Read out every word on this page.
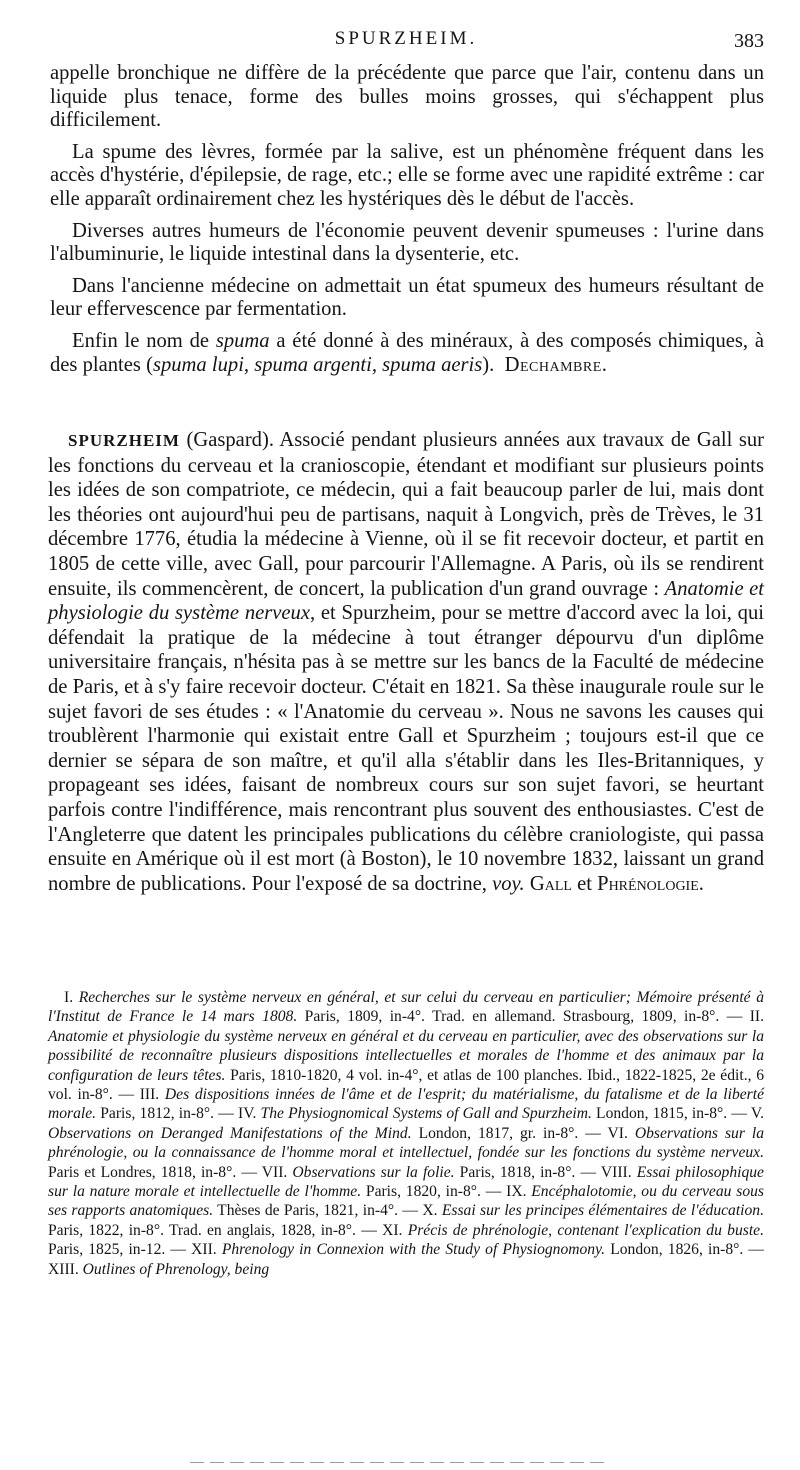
SPURZHEIM.	383

appelle bronchique ne diffère de la précédente que parce que l'air, contenu dans un liquide plus tenace, forme des bulles moins grosses, qui s'échappent plus difficilement.

La spume des lèvres, formée par la salive, est un phénomène fréquent dans les accès d'hystérie, d'épilepsie, de rage, etc.; elle se forme avec une rapidité extrême : car elle apparaît ordinairement chez les hystériques dès le début de l'accès.

Diverses autres humeurs de l'économie peuvent devenir spumeuses : l'urine dans l'albuminurie, le liquide intestinal dans la dysenterie, etc.

Dans l'ancienne médecine on admettait un état spumeux des humeurs résultant de leur effervescence par fermentation.

Enfin le nom de spuma a été donné à des minéraux, à des composés chimiques, à des plantes (spuma lupi, spuma argenti, spuma aeris). Dechambre.

SPURZHEIM (Gaspard). Associé pendant plusieurs années aux travaux de Gall sur les fonctions du cerveau et la cranioscopie, étendant et modifiant sur plusieurs points les idées de son compatriote, ce médecin, qui a fait beaucoup parler de lui, mais dont les théories ont aujourd'hui peu de partisans, naquit à Longvich, près de Trèves, le 31 décembre 1776, étudia la médecine à Vienne, où il se fit recevoir docteur, et partit en 1805 de cette ville, avec Gall, pour parcourir l'Allemagne. A Paris, où ils se rendirent ensuite, ils commencèrent, de concert, la publication d'un grand ouvrage : Anatomie et physiologie du système nerveux, et Spurzheim, pour se mettre d'accord avec la loi, qui défendait la pratique de la médecine à tout étranger dépourvu d'un diplôme universitaire français, n'hésita pas à se mettre sur les bancs de la Faculté de médecine de Paris, et à s'y faire recevoir docteur. C'était en 1821. Sa thèse inaugurale roule sur le sujet favori de ses études : « l'Anatomie du cerveau ». Nous ne savons les causes qui troublèrent l'harmonie qui existait entre Gall et Spurzheim ; toujours est-il que ce dernier se sépara de son maître, et qu'il alla s'établir dans les Iles-Britanniques, y propageant ses idées, faisant de nombreux cours sur son sujet favori, se heurtant parfois contre l'indifférence, mais rencontrant plus souvent des enthousiastes. C'est de l'Angleterre que datent les principales publications du célèbre craniologiste, qui passa ensuite en Amérique où il est mort (à Boston), le 10 novembre 1832, laissant un grand nombre de publications. Pour l'exposé de sa doctrine, voy. Gall et Phrénologie.

I. Recherches sur le système nerveux en général, et sur celui du cerveau en particulier; Mémoire présenté à l'Institut de France le 14 mars 1808. Paris, 1809, in-4°. Trad. en allemand. Strasbourg, 1809, in-8°. — II. Anatomie et physiologie du système nerveux en général et du cerveau en particulier, avec des observations sur la possibilité de reconnaître plusieurs dispositions intellectuelles et morales de l'homme et des animaux par la configuration de leurs têtes. Paris, 1810-1820, 4 vol. in-4°, et atlas de 100 planches. Ibid., 1822-1825, 2e édit., 6 vol. in-8°. — III. Des dispositions innées de l'âme et de l'esprit; du matérialisme, du fatalisme et de la liberté morale. Paris, 1812, in-8°. — IV. The Physiognomical Systems of Gall and Spurzheim. London, 1815, in-8°. — V. Observations on Deranged Manifestations of the Mind. London, 1817, gr. in-8°. — VI. Observations sur la phrénologie, ou la connaissance de l'homme moral et intellectuel, fondée sur les fonctions du système nerveux. Paris et Londres, 1818, in-8°. — VII. Observations sur la folie. Paris, 1818, in-8°. — VIII. Essai philosophique sur la nature morale et intellectuelle de l'homme. Paris, 1820, in-8°. — IX. Encéphalotomie, ou du cerveau sous ses rapports anatomiques. Thèses de Paris, 1821, in-4°. — X. Essai sur les principes élémentaires de l'éducation. Paris, 1822, in-8°. Trad. en anglais, 1828, in-8°. — XI. Précis de phrénologie, contenant l'explication du buste. Paris, 1825, in-12. — XII. Phrenology in Connexion with the Study of Physiognomony. London, 1826, in-8°. — XIII. Outlines of Phrenology, being
